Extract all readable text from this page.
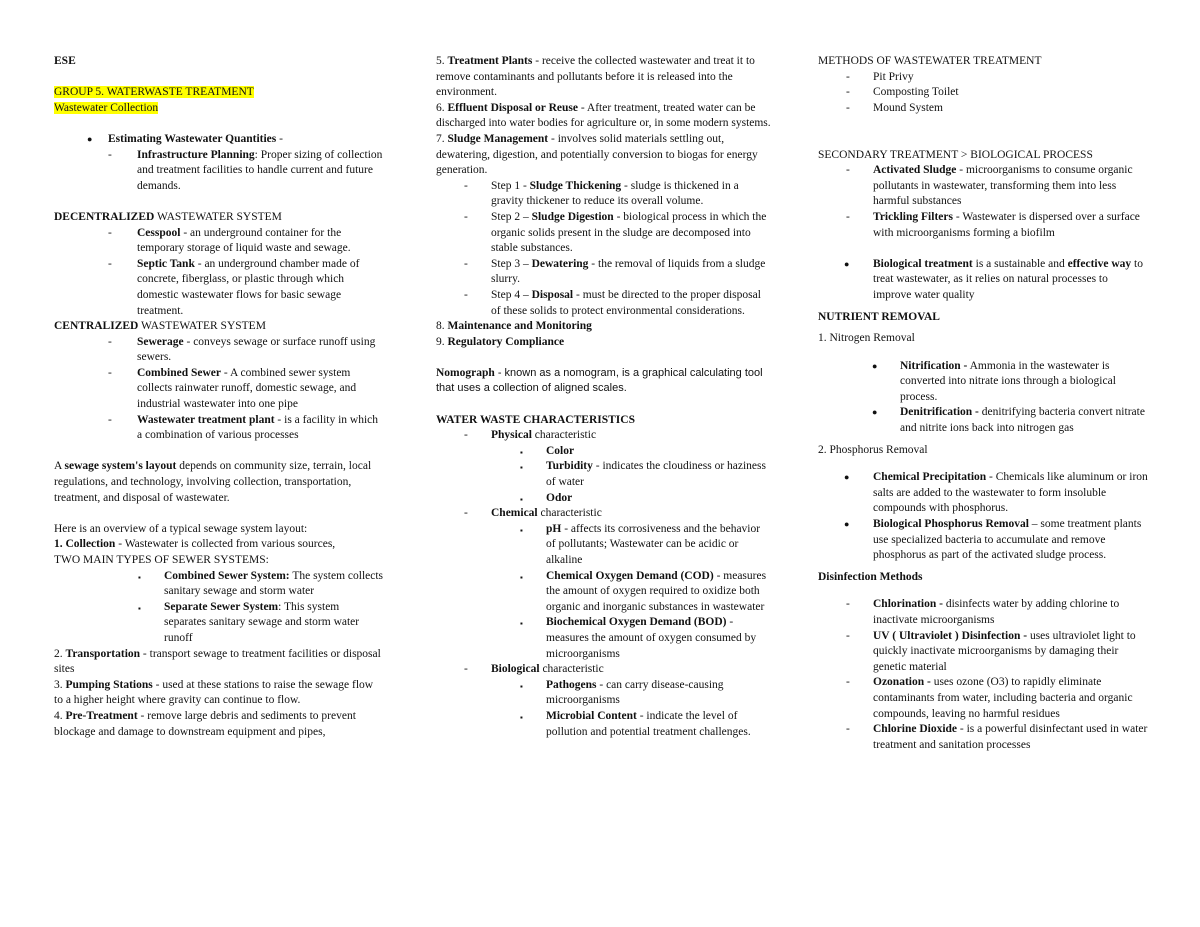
ESE

GROUP 5. WATERWASTE TREATMENT

Wastewater Collection

● Estimating Wastewater Quantities -
- Infrastructure Planning: Proper sizing of collection and treatment facilities to handle current and future demands.

DECENTRALIZED WASTEWATER SYSTEM

- Cesspool - an underground container for the temporary storage of liquid waste and sewage.
- Septic Tank - an underground chamber made of concrete, fiberglass, or plastic through which domestic wastewater flows for basic sewage treatment.

CENTRALIZED WASTEWATER SYSTEM

- Sewerage - conveys sewage or surface runoff using sewers.
- Combined Sewer - A combined sewer system collects rainwater runoff, domestic sewage, and industrial wastewater into one pipe
- Wastewater treatment plant - is a facility in which a combination of various processes

A sewage system's layout depends on community size, terrain, local regulations, and technology, involving collection, transportation, treatment, and disposal of wastewater.

Here is an overview of a typical sewage system layout:

1. Collection - Wastewater is collected from various sources,

TWO MAIN TYPES OF SEWER SYSTEMS:

▪ Combined Sewer System: The system collects sanitary sewage and storm water
▪ Separate Sewer System: This system separates sanitary sewage and storm water runoff

2. Transportation - transport sewage to treatment facilities or disposal sites

3. Pumping Stations - used at these stations to raise the sewage flow to a higher height where gravity can continue to flow.

4. Pre-Treatment - remove large debris and sediments to prevent blockage and damage to downstream equipment and pipes,

5. Treatment Plants - receive the collected wastewater and treat it to remove contaminants and pollutants before it is released into the environment.

6. Effluent Disposal or Reuse - After treatment, treated water can be discharged into water bodies for agriculture or, in some modern systems.

7. Sludge Management - involves solid materials settling out, dewatering, digestion, and potentially conversion to biogas for energy generation.

- Step 1 - Sludge Thickening - sludge is thickened in a gravity thickener to reduce its overall volume.
- Step 2 – Sludge Digestion - biological process in which the organic solids present in the sludge are decomposed into stable substances.
- Step 3 – Dewatering - the removal of liquids from a sludge slurry.
- Step 4 – Disposal - must be directed to the proper disposal of these solids to protect environmental considerations.

8. Maintenance and Monitoring

9. Regulatory Compliance

Nomograph - known as a nomogram, is a graphical calculating tool that uses a collection of aligned scales.

WATER WASTE CHARACTERISTICS

- Physical characteristic
▪ Color
▪ Turbidity - indicates the cloudiness or haziness of water
▪ Odor
- Chemical characteristic
▪ pH - affects its corrosiveness and the behavior of pollutants; Wastewater can be acidic or alkaline
▪ Chemical Oxygen Demand (COD) - measures the amount of oxygen required to oxidize both organic and inorganic substances in wastewater
▪ Biochemical Oxygen Demand (BOD) - measures the amount of oxygen consumed by microorganisms
- Biological characteristic
▪ Pathogens - can carry disease-causing microorganisms
▪ Microbial Content - indicate the level of pollution and potential treatment challenges.

METHODS OF WASTEWATER TREATMENT

- Pit Privy
- Composting Toilet
- Mound System

SECONDARY TREATMENT > BIOLOGICAL PROCESS

- Activated Sludge - microorganisms to consume organic pollutants in wastewater, transforming them into less harmful substances
- Trickling Filters - Wastewater is dispersed over a surface with microorganisms forming a biofilm
● Biological treatment is a sustainable and effective way to treat wastewater, as it relies on natural processes to improve water quality

NUTRIENT REMOVAL

1. Nitrogen Removal

● Nitrification - Ammonia in the wastewater is converted into nitrate ions through a biological process.
● Denitrification - denitrifying bacteria convert nitrate and nitrite ions back into nitrogen gas

2. Phosphorus Removal

● Chemical Precipitation - Chemicals like aluminum or iron salts are added to the wastewater to form insoluble compounds with phosphorus.
● Biological Phosphorus Removal – some treatment plants use specialized bacteria to accumulate and remove phosphorus as part of the activated sludge process.

Disinfection Methods

- Chlorination - disinfects water by adding chlorine to inactivate microorganisms
- UV ( Ultraviolet ) Disinfection - uses ultraviolet light to quickly inactivate microorganisms by damaging their genetic material
- Ozonation - uses ozone (O3) to rapidly eliminate contaminants from water, including bacteria and organic compounds, leaving no harmful residues
- Chlorine Dioxide - is a powerful disinfectant used in water treatment and sanitation processes
